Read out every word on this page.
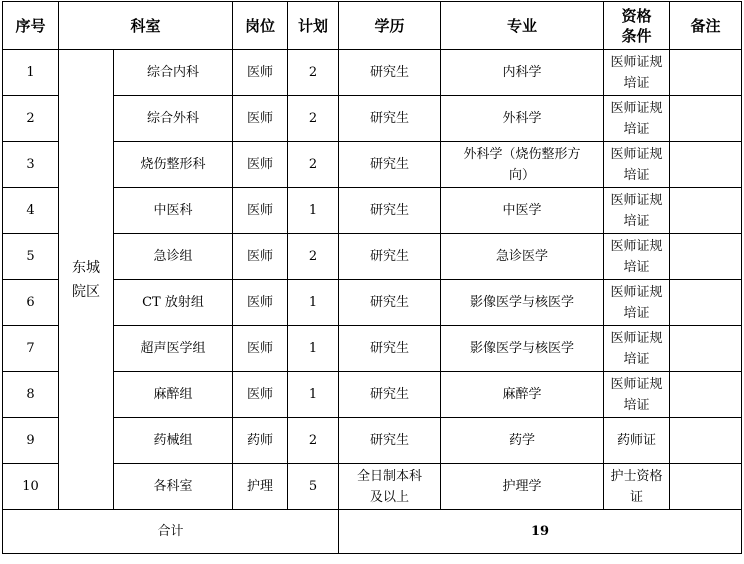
序号	科室		岗位	计划	学历	专业	资格条件	备注
1	东城院区	综合内科	医师	2	研究生	内科学	医师证规培证	

2		综合外科	医师	2	研究生	外科学	医师证规培证	

3		烧伤整形科	医师	2	研究生	外科学（烧伤整形方向）	医师证规培证	

4		中医科	医师	1	研究生	中医学	医师证规培证	

5		急诊组	医师	2	研究生	急诊医学	医师证规培证	

6		CT 放射组	医师	1	研究生	影像医学与核医学	医师证规培证	

7		超声医学组	医师	1	研究生	影像医学与核医学	医师证规培证	

8		麻醉组	医师	1	研究生	麻醉学	医师证规培证	

9		药械组	药师	2	研究生	药学	药师证	
10		各科室	护理	5	全日制本科及以上	护理学	护士资格证	

合计					19			
